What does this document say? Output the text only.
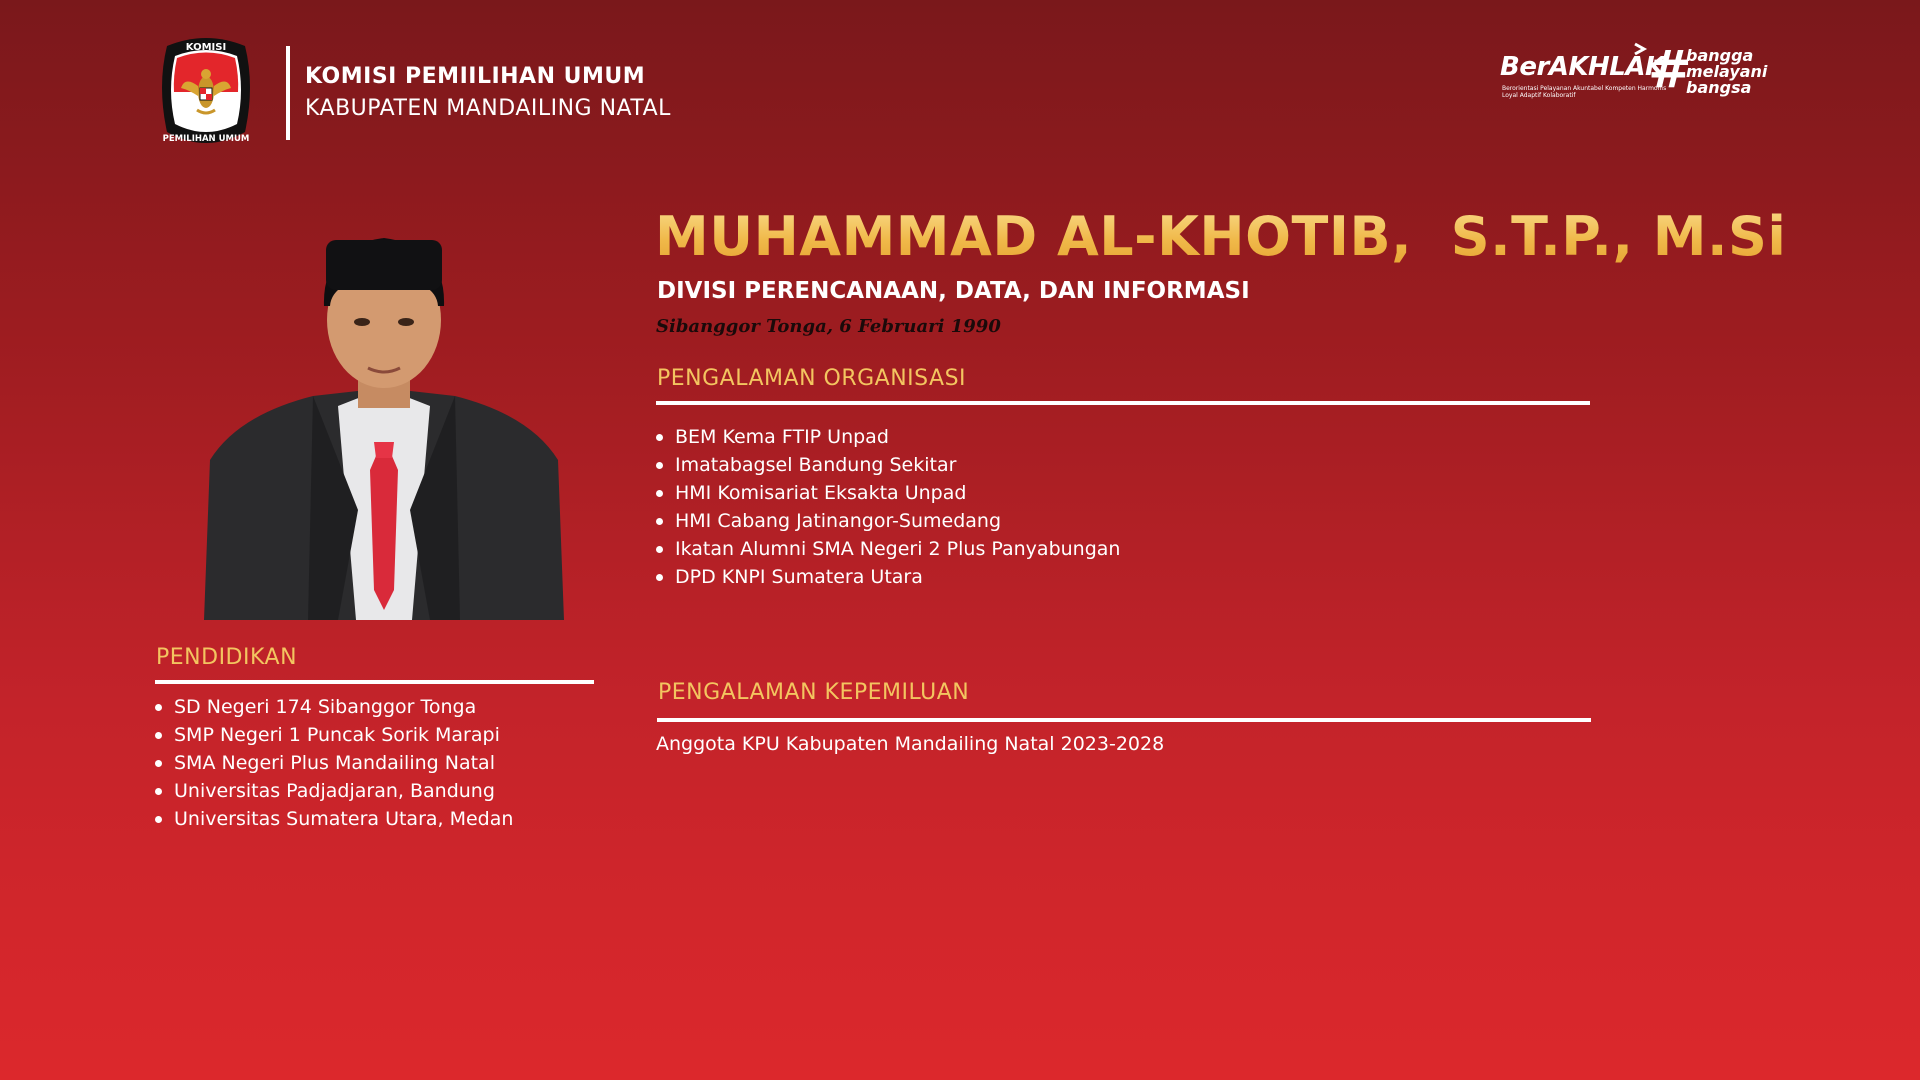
KOMISI
PEMILIHAN UMUM
KOMISI PEMIILIHAN UMUM
KABUPATEN MANDAILING NATAL
BerAKHLAK
Berorientasi Pelayanan Akuntabel Kompeten Harmonis Loyal Adaptif Kolaboratif	#
bangga
melayani
bangsa
MUHAMMAD AL-KHOTIB,  S.T.P., M.Si
DIVISI PERENCANAAN, DATA, DAN INFORMASI
Sibanggor Tonga, 6 Februari 1990
PENGALAMAN ORGANISASI
BEM Kema FTIP Unpad
Imatabagsel Bandung Sekitar
HMI Komisariat Eksakta Unpad
HMI Cabang Jatinangor-Sumedang
Ikatan Alumni SMA Negeri 2 Plus Panyabungan
DPD KNPI Sumatera Utara
PENDIDIKAN
SD Negeri 174 Sibanggor Tonga
SMP Negeri 1 Puncak Sorik Marapi
SMA Negeri Plus Mandailing Natal
Universitas Padjadjaran, Bandung
Universitas Sumatera Utara, Medan
PENGALAMAN KEPEMILUAN
Anggota KPU Kabupaten Mandailing Natal 2023-2028
